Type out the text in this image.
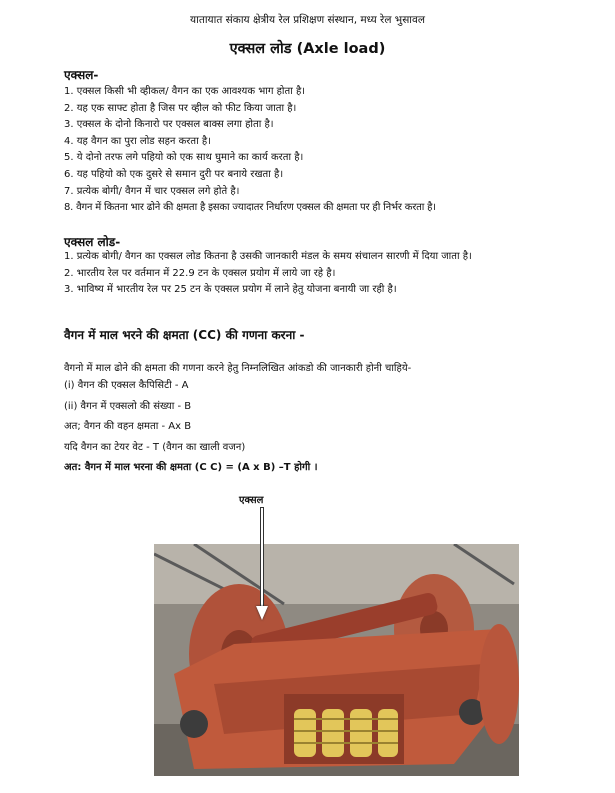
यातायात संकाय क्षेत्रीय रेल प्रशिक्षण संस्थान, मध्य रेल भुसावल
एक्सल लोड (Axle load)
एक्सल-
1. एक्सल किसी भी व्हीकल/ वैगन का एक आवश्यक भाग होता है।
2. यह एक साफ्ट होता है जिस पर व्हील को फीट किया जाता है।
3. एक्सल के दोनो किनारो पर एक्सल बाक्स लगा होता है।
4. यह वैगन का पुरा लोड सहन करता है।
5. ये दोनो तरफ लगे पहियो को एक साथ घुमाने का कार्य करता है।
6. यह पहियो को एक दुसरे से समान दुरी पर बनाये रखता है।
7. प्रत्येक बोगी/ वैगन में चार एक्सल लगे होते है।
8. वैगन में कितना भार ढोने की क्षमता है इसका ज्यादातर निर्धारण एक्सल की क्षमता पर ही निर्भर करता है।
एक्सल लोड-
1. प्रत्येक बोगी/ वैगन का एक्सल लोड कितना है उसकी जानकारी मंडल के समय संचालन सारणी में दिया जाता है।
2. भारतीय रेल पर वर्तमान में 22.9 टन के एक्सल प्रयोग में लाये जा रहे है।
3. भाविष्य में भारतीय रेल पर 25 टन के एक्सल प्रयोग में लाने हेतु योजना बनायी जा रही है।
वैगन में माल भरने की क्षमता (CC) की गणना करना -
वैगनो में माल ढोने की क्षमता की गणना करने हेतु निम्नलिखित आंकडो की जानकारी होनी चाहिये-

(i) वैगन की एक्सल कैपिसिटी - A

(ii) वैगन में एक्सलो की संख्या - B

अत; वैगन की वहन क्षमता - Ax B

यदि वैगन का टेयर वेट - T (वैगन का खाली वजन)

अत: वैगन में माल भरना की क्षमता (C C) = (A x B) –T होगी ।

एक्सल
